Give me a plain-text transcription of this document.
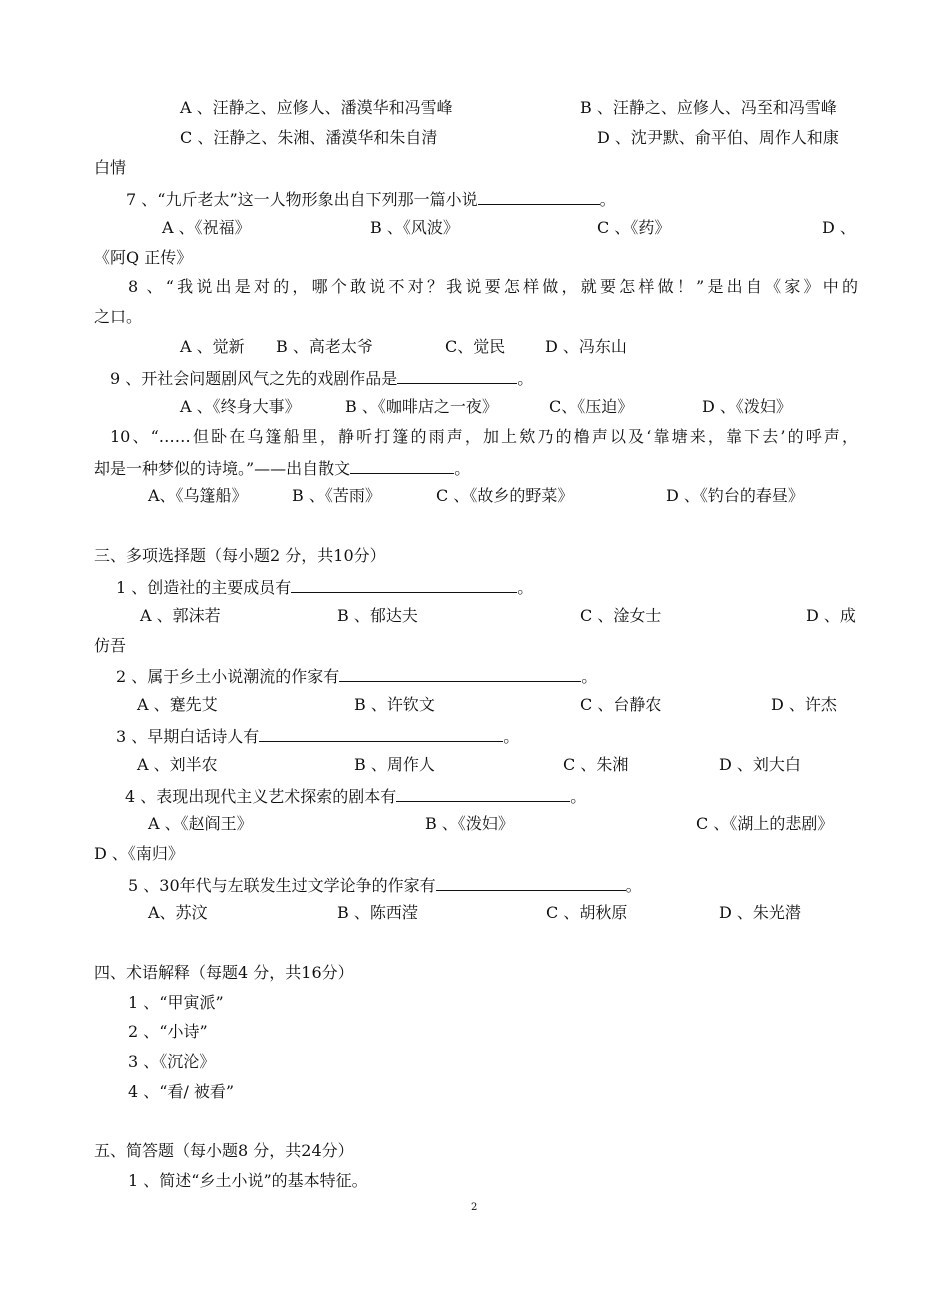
A 、汪静之、应修人、潘漠华和冯雪峰	B 、汪静之、应修人、冯至和冯雪峰
C 、汪静之、朱湘、潘漠华和朱自清	D 、沈尹默、俞平伯、周作人和康
白情
7 、“九斤老太”这一人物形象出自下列那一篇小说	。
A 、《祝福》	B 、《风波》	C 、《药》	D 、
《阿Q 正传》
8 、“我说出是对的，哪个敢说不对？我说要怎样做，就要怎样做！”是出自《家》中的
之口。
A 、觉新 B 、高老太爷	C、觉民 D 、冯东山
9 、开社会问题剧风气之先的戏剧作品是	。
A 、《终身大事》	B 、《咖啡店之一夜》	C、《压迫》	D 、《泼妇》
10、“……但卧在乌篷船里，静听打篷的雨声，加上欸乃的橹声以及‘靠塘来，靠下去’的呼声，
却是一种梦似的诗境。”——出自散文	。
A、《乌篷船》	B 、《苦雨》	C 、《故乡的野菜》	D 、《钓台的春昼》
三、多项选择题（每小题2 分，共10分）
1 、创造社的主要成员有	。
A 、郭沫若	B 、郁达夫	C 、淦女士	D 、成
仿吾
2 、属于乡土小说潮流的作家有	。
A 、蹇先艾	B 、许钦文	C 、台静农	D 、许杰
3 、早期白话诗人有	。
A 、刘半农	B 、周作人	C 、朱湘	D 、刘大白
4 、表现出现代主义艺术探索的剧本有	。
A 、《赵阎王》	B 、《泼妇》	C 、《湖上的悲剧》
D 、《南归》
5 、30年代与左联发生过文学论争的作家有	。
A、苏汶	B 、陈西滢	C 、胡秋原	D 、朱光潜
四、术语解释（每题4 分，共16分）
1 、“甲寅派”
2 、“小诗”
3 、《沉沦》
4 、“看/ 被看”
五、简答题（每小题8 分，共24分）
1 、简述“乡土小说”的基本特征。
2
